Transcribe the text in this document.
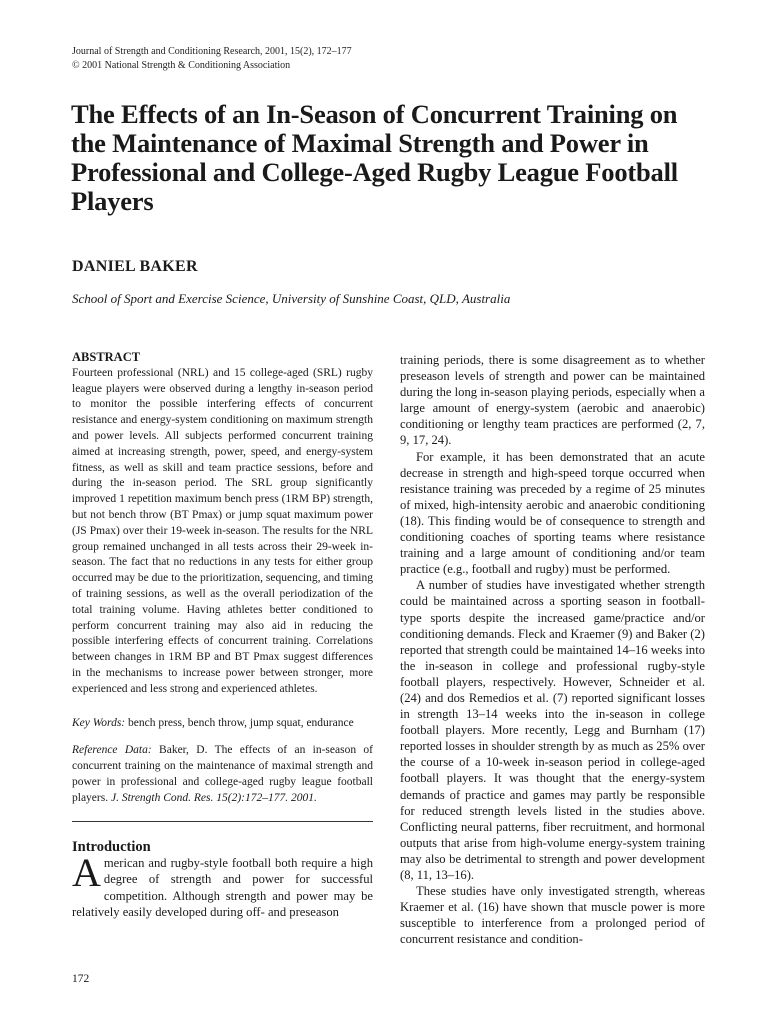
Journal of Strength and Conditioning Research, 2001, 15(2), 172–177
© 2001 National Strength & Conditioning Association
The Effects of an In-Season of Concurrent Training on the Maintenance of Maximal Strength and Power in Professional and College-Aged Rugby League Football Players
DANIEL BAKER
School of Sport and Exercise Science, University of Sunshine Coast, QLD, Australia

ABSTRACT

Fourteen professional (NRL) and 15 college-aged (SRL) rugby league players were observed during a lengthy in-season period to monitor the possible interfering effects of concurrent resistance and energy-system conditioning on maximum strength and power levels. All subjects performed concurrent training aimed at increasing strength, power, speed, and energy-system fitness, as well as skill and team practice sessions, before and during the in-season period. The SRL group significantly improved 1 repetition maximum bench press (1RM BP) strength, but not bench throw (BT Pmax) or jump squat maximum power (JS Pmax) over their 19-week in-season. The results for the NRL group remained unchanged in all tests across their 29-week in-season. The fact that no reductions in any tests for either group occurred may be due to the prioritization, sequencing, and timing of training sessions, as well as the overall periodization of the total training volume. Having athletes better conditioned to perform concurrent training may also aid in reducing the possible interfering effects of concurrent training. Correlations between changes in 1RM BP and BT Pmax suggest differences in the mechanisms to increase power between stronger, more experienced and less strong and experienced athletes.

Key Words: bench press, bench throw, jump squat, endurance

Reference Data: Baker, D. The effects of an in-season of concurrent training on the maintenance of maximal strength and power in professional and college-aged rugby league football players. J. Strength Cond. Res. 15(2):172–177. 2001.

Introduction

American and rugby-style football both require a high degree of strength and power for successful competition. Although strength and power may be relatively easily developed during off- and preseason

training periods, there is some disagreement as to whether preseason levels of strength and power can be maintained during the long in-season playing periods, especially when a large amount of energy-system (aerobic and anaerobic) conditioning or lengthy team practices are performed (2, 7, 9, 17, 24).

For example, it has been demonstrated that an acute decrease in strength and high-speed torque occurred when resistance training was preceded by a regime of 25 minutes of mixed, high-intensity aerobic and anaerobic conditioning (18). This finding would be of consequence to strength and conditioning coaches of sporting teams where resistance training and a large amount of conditioning and/or team practice (e.g., football and rugby) must be performed.

A number of studies have investigated whether strength could be maintained across a sporting season in football-type sports despite the increased game/practice and/or conditioning demands. Fleck and Kraemer (9) and Baker (2) reported that strength could be maintained 14–16 weeks into the in-season in college and professional rugby-style football players, respectively. However, Schneider et al. (24) and dos Remedios et al. (7) reported significant losses in strength 13–14 weeks into the in-season in college football players. More recently, Legg and Burnham (17) reported losses in shoulder strength by as much as 25% over the course of a 10-week in-season period in college-aged football players. It was thought that the energy-system demands of practice and games may partly be responsible for reduced strength levels listed in the studies above. Conflicting neural patterns, fiber recruitment, and hormonal outputs that arise from high-volume energy-system training may also be detrimental to strength and power development (8, 11, 13–16).

These studies have only investigated strength, whereas Kraemer et al. (16) have shown that muscle power is more susceptible to interference from a prolonged period of concurrent resistance and condition-

172
